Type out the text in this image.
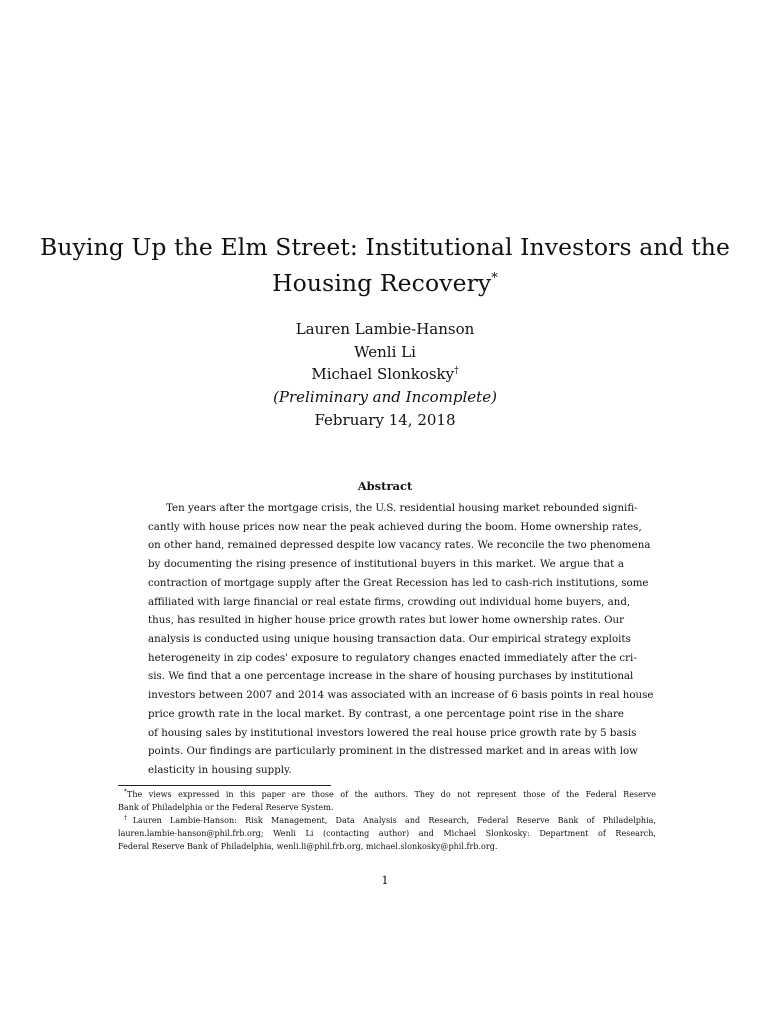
Buying Up the Elm Street: Institutional Investors and the
Housing Recovery*
Lauren Lambie-Hanson
Wenli Li
Michael Slonkosky†
(Preliminary and Incomplete)
February 14, 2018
Abstract
Ten years after the mortgage crisis, the U.S. residential housing market rebounded signifi-
cantly with house prices now near the peak achieved during the boom. Home ownership rates,
on other hand, remained depressed despite low vacancy rates. We reconcile the two phenomena
by documenting the rising presence of institutional buyers in this market. We argue that a
contraction of mortgage supply after the Great Recession has led to cash-rich institutions, some
affiliated with large financial or real estate firms, crowding out individual home buyers, and,
thus, has resulted in higher house price growth rates but lower home ownership rates. Our
analysis is conducted using unique housing transaction data. Our empirical strategy exploits
heterogeneity in zip codes' exposure to regulatory changes enacted immediately after the cri-
sis. We find that a one percentage increase in the share of housing purchases by institutional
investors between 2007 and 2014 was associated with an increase of 6 basis points in real house
price growth rate in the local market. By contrast, a one percentage point rise in the share
of housing sales by institutional investors lowered the real house price growth rate by 5 basis
points. Our findings are particularly prominent in the distressed market and in areas with low
elasticity in housing supply.
*The views expressed in this paper are those of the authors. They do not represent those of the Federal Reserve
Bank of Philadelphia or the Federal Reserve System.
†Lauren Lambie-Hanson: Risk Management, Data Analysis and Research, Federal Reserve Bank of Philadelphia,
lauren.lambie-hanson@phil.frb.org; Wenli Li (contacting author) and Michael Slonkosky: Department of Research,
Federal Reserve Bank of Philadelphia, wenli.li@phil.frb.org, michael.slonkosky@phil.frb.org.
1
